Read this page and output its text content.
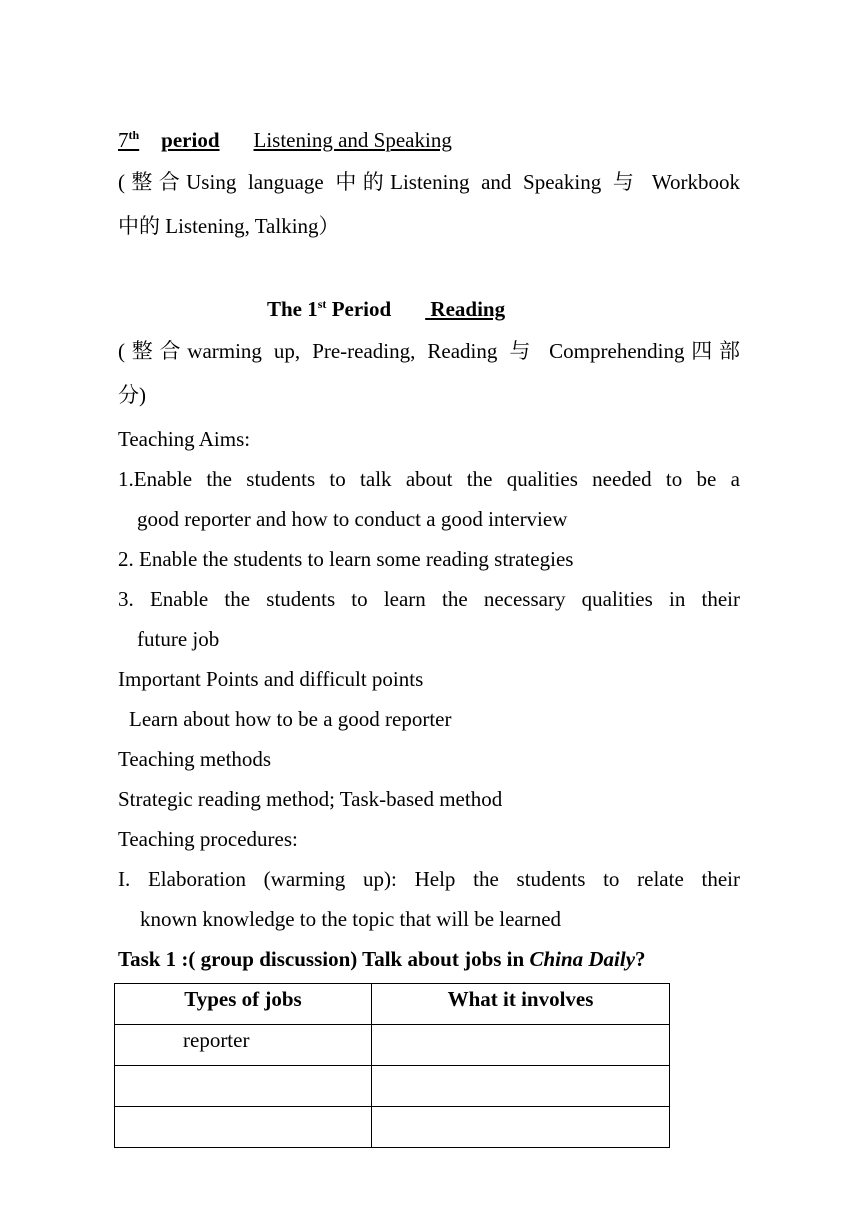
7th period Listening and Speaking
(整合Using language 中的Listening and Speaking 与 Workbook
中的 Listening, Talking）
The 1st Period Reading
(整合warming up, Pre-reading, Reading 与 Comprehending四部
分)
Teaching Aims:
1.Enable the students to talk about the qualities needed to be a
good reporter and how to conduct a good interview
2. Enable the students to learn some reading strategies
3. Enable the students to learn the necessary qualities in their
future job
Important Points and difficult points
Learn about how to be a good reporter
Teaching methods
Strategic reading method; Task-based method
Teaching procedures:
I. Elaboration (warming up): Help the students to relate their
known knowledge to the topic that will be learned
Task 1 :( group discussion) Talk about jobs in China Daily?
Types of jobs	What it involves
reporter	
